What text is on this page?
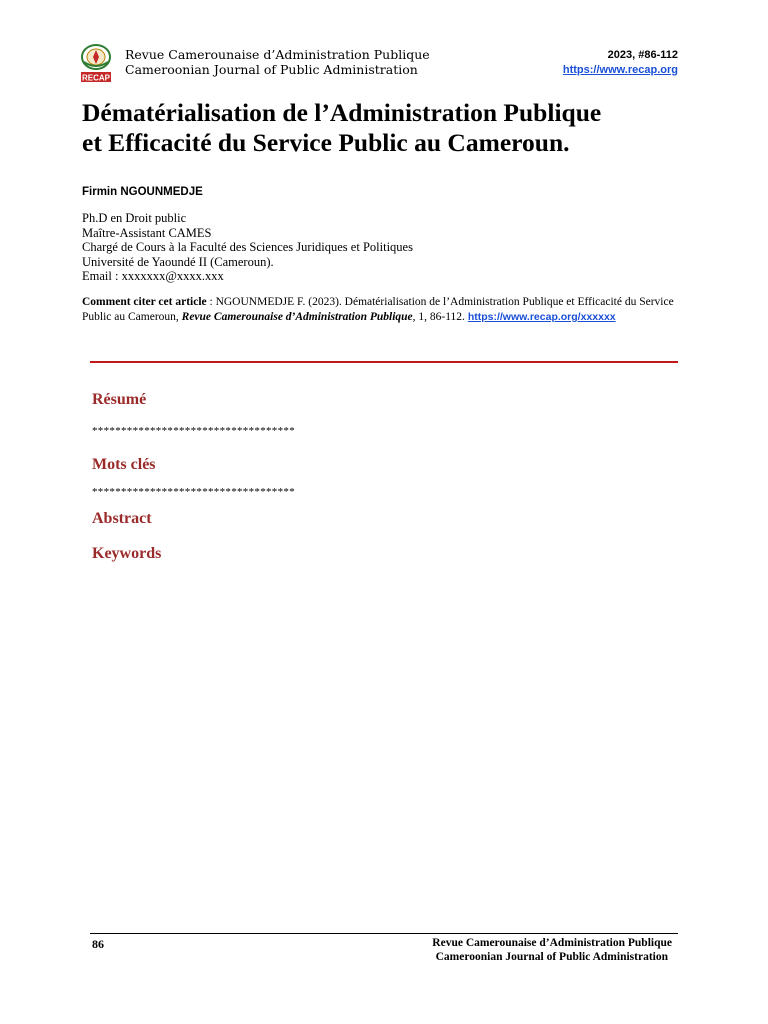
RECAP
Revue Camerounaise d’Administration Publique
Cameroonian Journal of Public Administration
2023, #86-112
https://www.recap.org
Dématérialisation de l’Administration Publique
et Efficacité du Service Public au Cameroun.
Firmin NGOUNMEDJE
Ph.D en Droit public
Maître-Assistant CAMES
Chargé de Cours à la Faculté des Sciences Juridiques et Politiques
Université de Yaoundé II (Cameroun).
Email : xxxxxxx@xxxx.xxx
Comment citer cet article : NGOUNMEDJE F. (2023). Dématérialisation de l’Administration Publique et Efficacité du Service Public au Cameroun, Revue Camerounaise d’Administration Publique, 1, 86-112. https://www.recap.org/xxxxxx
Résumé
***********************************
Mots clés
***********************************
Abstract
Keywords
86	Revue Camerounaise d’Administration Publique
Cameroonian Journal of Public Administration
